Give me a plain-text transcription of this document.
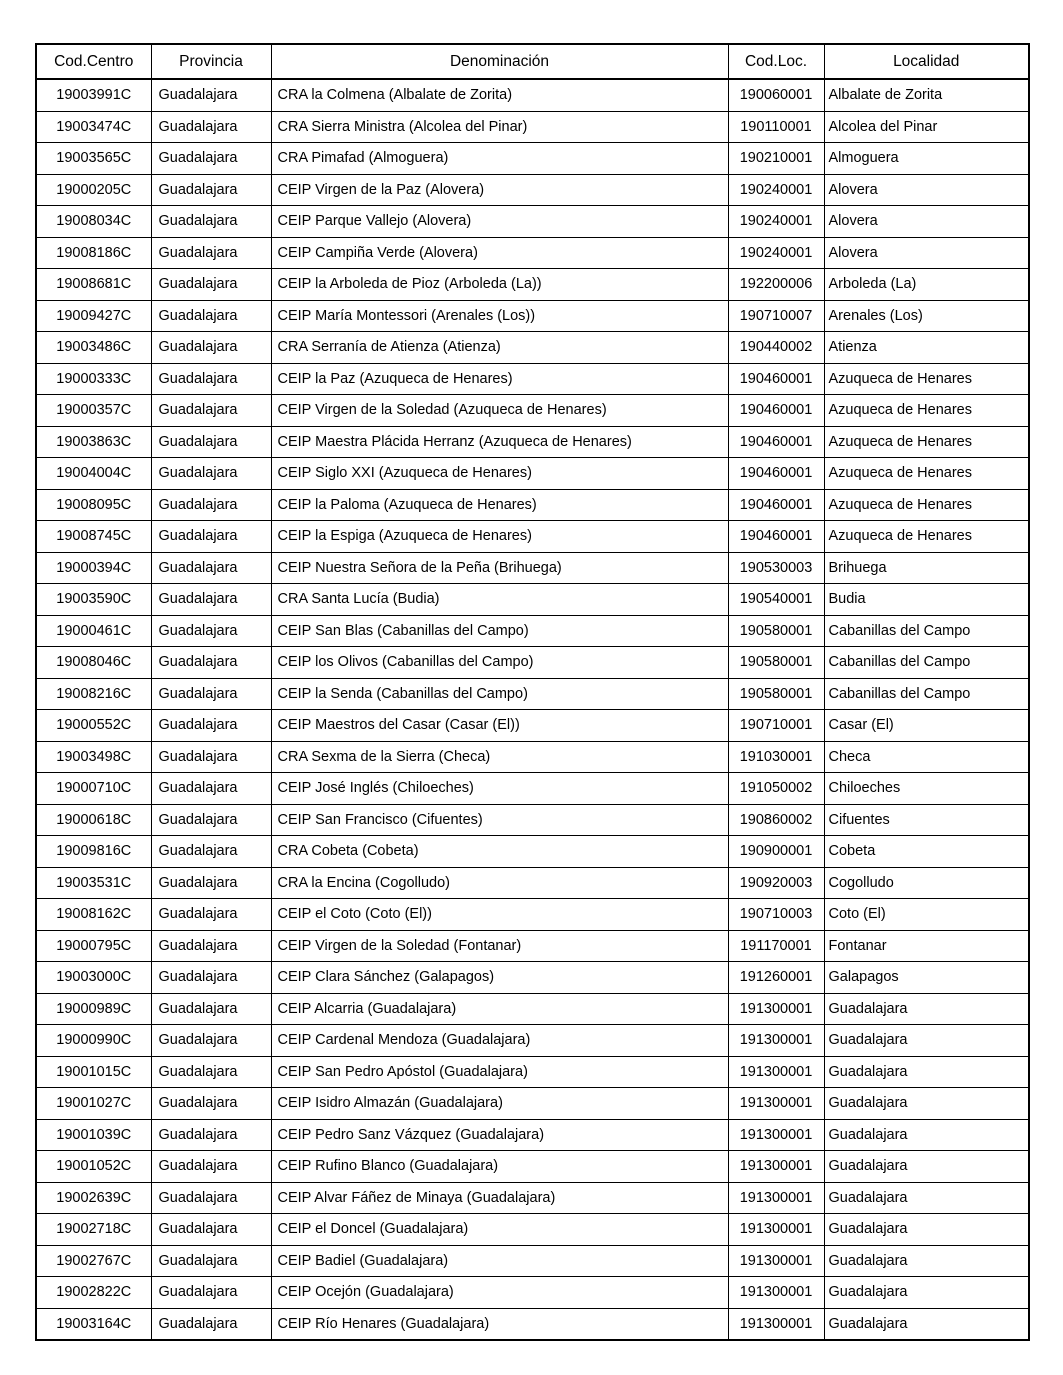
Cod.Centro	Provincia	Denominación	Cod.Loc.	Localidad
19003991C	Guadalajara	CRA la Colmena (Albalate de Zorita)	190060001	Albalate de Zorita
19003474C	Guadalajara	CRA Sierra Ministra (Alcolea del Pinar)	190110001	Alcolea del Pinar
19003565C	Guadalajara	CRA Pimafad (Almoguera)	190210001	Almoguera
19000205C	Guadalajara	CEIP Virgen de la Paz (Alovera)	190240001	Alovera
19008034C	Guadalajara	CEIP Parque Vallejo (Alovera)	190240001	Alovera
19008186C	Guadalajara	CEIP Campiña Verde (Alovera)	190240001	Alovera
19008681C	Guadalajara	CEIP la Arboleda de Pioz (Arboleda (La))	192200006	Arboleda (La)
19009427C	Guadalajara	CEIP María Montessori (Arenales (Los))	190710007	Arenales (Los)
19003486C	Guadalajara	CRA Serranía de Atienza (Atienza)	190440002	Atienza
19000333C	Guadalajara	CEIP la Paz (Azuqueca de Henares)	190460001	Azuqueca de Henares
19000357C	Guadalajara	CEIP Virgen de la Soledad (Azuqueca de Henares)	190460001	Azuqueca de Henares
19003863C	Guadalajara	CEIP Maestra Plácida Herranz (Azuqueca de Henares)	190460001	Azuqueca de Henares
19004004C	Guadalajara	CEIP Siglo XXI (Azuqueca de Henares)	190460001	Azuqueca de Henares
19008095C	Guadalajara	CEIP la Paloma (Azuqueca de Henares)	190460001	Azuqueca de Henares
19008745C	Guadalajara	CEIP la Espiga (Azuqueca de Henares)	190460001	Azuqueca de Henares
19000394C	Guadalajara	CEIP Nuestra Señora de la Peña (Brihuega)	190530003	Brihuega
19003590C	Guadalajara	CRA Santa Lucía (Budia)	190540001	Budia
19000461C	Guadalajara	CEIP San Blas (Cabanillas del Campo)	190580001	Cabanillas del Campo
19008046C	Guadalajara	CEIP los Olivos (Cabanillas del Campo)	190580001	Cabanillas del Campo
19008216C	Guadalajara	CEIP la Senda (Cabanillas del Campo)	190580001	Cabanillas del Campo
19000552C	Guadalajara	CEIP Maestros del Casar (Casar (El))	190710001	Casar (El)
19003498C	Guadalajara	CRA Sexma de la Sierra (Checa)	191030001	Checa
19000710C	Guadalajara	CEIP José Inglés (Chiloeches)	191050002	Chiloeches
19000618C	Guadalajara	CEIP San Francisco (Cifuentes)	190860002	Cifuentes
19009816C	Guadalajara	CRA Cobeta (Cobeta)	190900001	Cobeta
19003531C	Guadalajara	CRA la Encina (Cogolludo)	190920003	Cogolludo
19008162C	Guadalajara	CEIP el Coto (Coto (El))	190710003	Coto (El)
19000795C	Guadalajara	CEIP Virgen de la Soledad (Fontanar)	191170001	Fontanar
19003000C	Guadalajara	CEIP Clara Sánchez (Galapagos)	191260001	Galapagos
19000989C	Guadalajara	CEIP Alcarria (Guadalajara)	191300001	Guadalajara
19000990C	Guadalajara	CEIP Cardenal Mendoza (Guadalajara)	191300001	Guadalajara
19001015C	Guadalajara	CEIP San Pedro Apóstol (Guadalajara)	191300001	Guadalajara
19001027C	Guadalajara	CEIP Isidro Almazán (Guadalajara)	191300001	Guadalajara
19001039C	Guadalajara	CEIP Pedro Sanz Vázquez (Guadalajara)	191300001	Guadalajara
19001052C	Guadalajara	CEIP Rufino Blanco (Guadalajara)	191300001	Guadalajara
19002639C	Guadalajara	CEIP Alvar Fáñez de Minaya (Guadalajara)	191300001	Guadalajara
19002718C	Guadalajara	CEIP el Doncel (Guadalajara)	191300001	Guadalajara
19002767C	Guadalajara	CEIP Badiel (Guadalajara)	191300001	Guadalajara
19002822C	Guadalajara	CEIP Ocejón (Guadalajara)	191300001	Guadalajara
19003164C	Guadalajara	CEIP Río Henares (Guadalajara)	191300001	Guadalajara
